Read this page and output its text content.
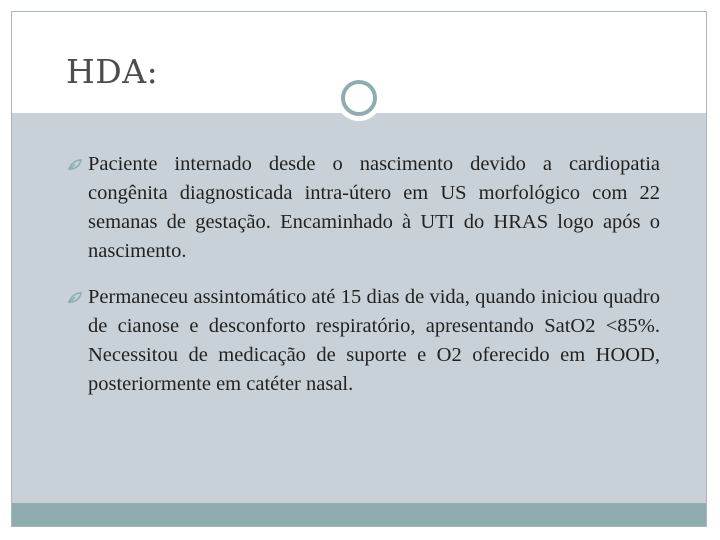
HDA:
Paciente internado desde o nascimento devido a cardiopatia congênita diagnosticada intra-útero em US morfológico com 22 semanas de gestação. Encaminhado à UTI do HRAS logo após o nascimento.
Permaneceu assintomático até 15 dias de vida, quando iniciou quadro de cianose e desconforto respiratório, apresentando SatO2 <85%. Necessitou de medicação de suporte e O2 oferecido em HOOD, posteriormente em catéter nasal.
